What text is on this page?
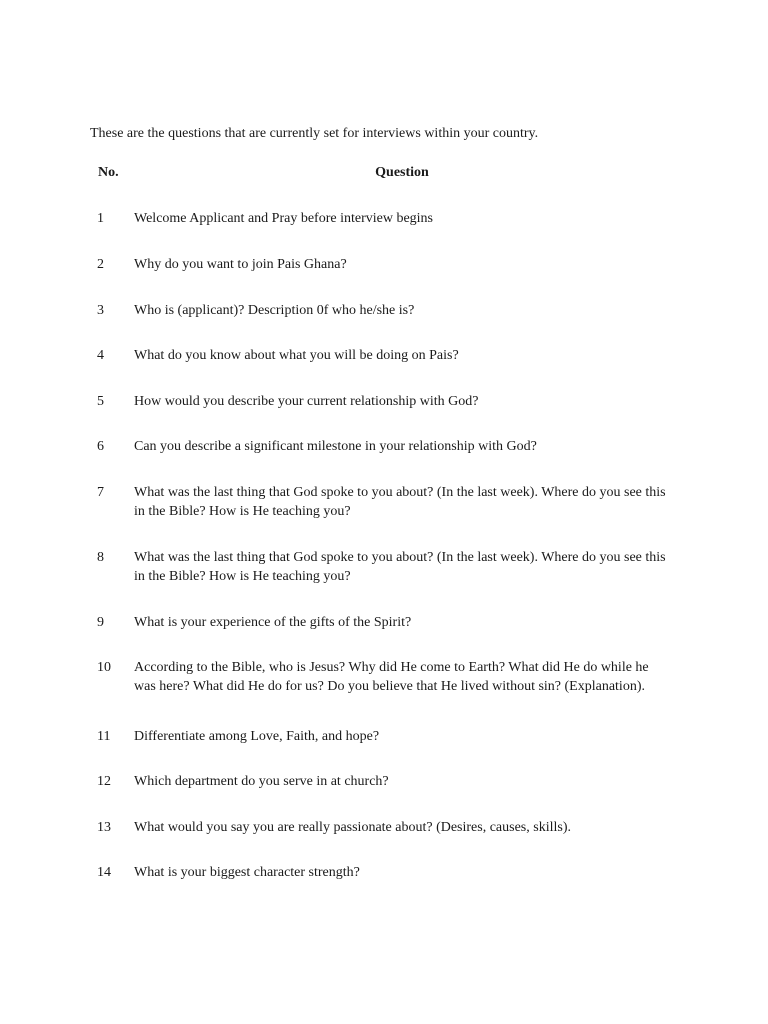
These are the questions that are currently set for interviews within your country.
No.	Question
1	Welcome Applicant and Pray before interview begins
2	Why do you want to join Pais Ghana?
3	Who is (applicant)? Description 0f who he/she is?
4	What do you know about what you will be doing on Pais?
5	How would you describe your current relationship with God?
6	Can you describe a significant milestone in your relationship with God?
7	What was the last thing that God spoke to you about? (In the last week). Where do you see this in the Bible? How is He teaching you?
8	What was the last thing that God spoke to you about? (In the last week). Where do you see this in the Bible? How is He teaching you?
9	What is your experience of the gifts of the Spirit?
10	According to the Bible, who is Jesus? Why did He come to Earth? What did He do while he was here? What did He do for us? Do you believe that He lived without sin? (Explanation).
11	Differentiate among Love, Faith, and hope?
12	Which department do you serve in at church?
13	What would you say you are really passionate about? (Desires, causes, skills).
14	What is your biggest character strength?
